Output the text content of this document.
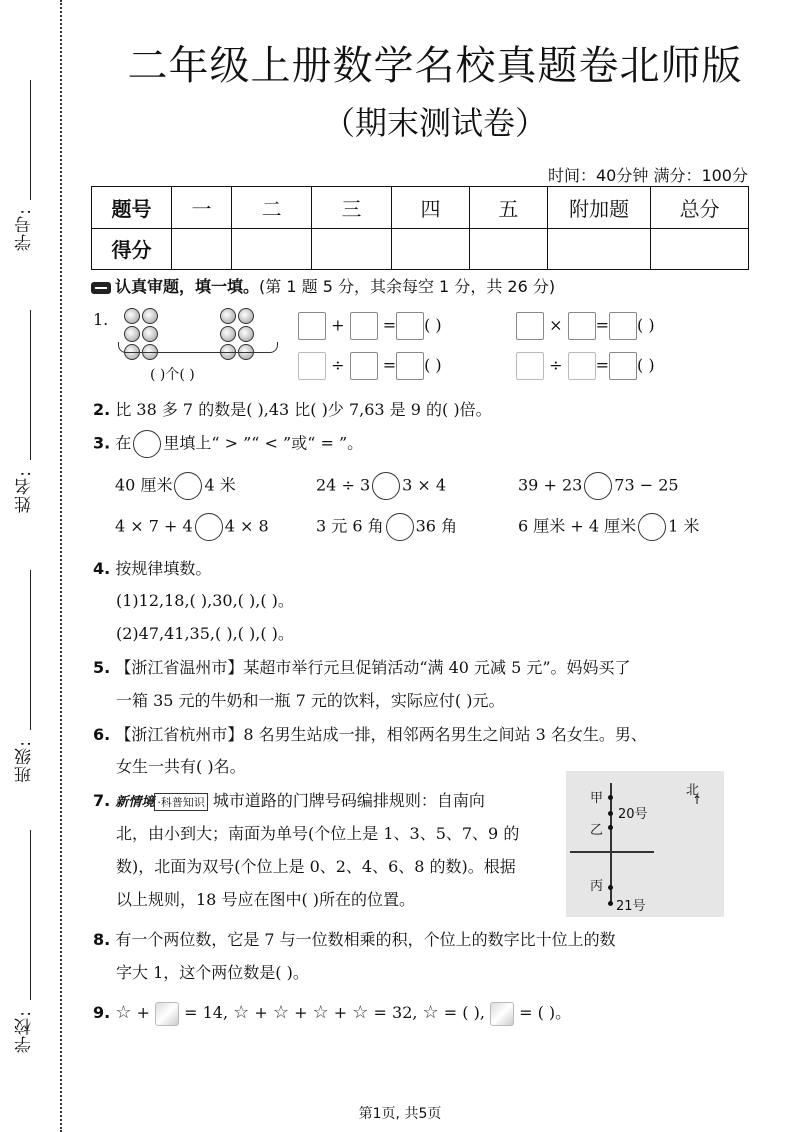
学号:
姓名:
班级:
学校:
二年级上册数学名校真题卷北师版
（期末测试卷）
时间：40分钟 满分：100分
题号	一	二	三	四	五	附加题	总分
得分							
认真审题，填一填。(第 1 题 5 分，其余每空 1 分，共 26 分)
1.
( )个( )
+ = ( )	× = ( )
÷ = ( )	÷ = ( )
2. 比 38 多 7 的数是( ),43 比( )少 7,63 是 9 的( )倍。
3. 在 里填上“ > ”“ < ”或“ = ”。
40 厘米 4 米	24 ÷ 3 3 × 4	39 + 23 73 − 25
4 × 7 + 4 4 × 8	3 元 6 角 36 角	6 厘米 + 4 厘米 1 米
4. 按规律填数。
(1)12,18,( ),30,( ),( )。
(2)47,41,35,( ),( ),( )。
5. 【浙江省温州市】某超市举行元旦促销活动“满 40 元减 5 元”。妈妈买了
一箱 35 元的牛奶和一瓶 7 元的饮料，实际应付( )元。
6. 【浙江省杭州市】8 名男生站成一排，相邻两名男生之间站 3 名女生。男、
女生一共有( )名。
7. 新情境 ·科普知识 城市道路的门牌号码编排规则：自南向
北，由小到大；南面为单号(个位上是 1、3、5、7、9 的
数)，北面为双号(个位上是 0、2、4、6、8 的数)。根据
以上规则，18 号应在图中( )所在的位置。
甲
20号
乙
丙
21号
北
↑
8. 有一个两位数，它是 7 与一位数相乘的积，个位上的数字比十位上的数
字大 1，这个两位数是( )。
9. ☆ +  = 14, ☆ + ☆ + ☆ + ☆ = 32, ☆ = ( ),  = ( )。
第1页, 共5页
